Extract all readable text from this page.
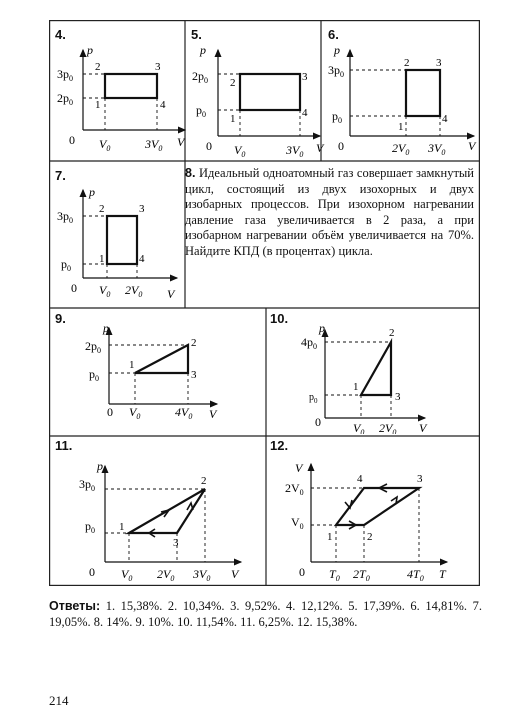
4.
p
V
0
$3p_0$
$2p_0$
$V_0$	$3V_0$
1
2	3
4
5.
p
V
0
$2p_0$
$p_0$
$V_0$	$3V_0$
1
2	3
4
6.
p
V
0
$3p_0$
$p_0$
$2V_0$ $3V_0$
1
2 3
4
7.
p
V
0
$3p_0$
$p_0$
$V_0$ $2V_0$
1
2	3
4
8. Идеальный одноатомный газ совершает замкнутый цикл, состоящий из двух изохорных и двух изобарных процессов. При изохорном нагревании давление газа увеличивается в 2 раза, а при изобарном нагревании объём увеличивается на 70%. Найдите КПД (в процентах) цикла.
9.
p
V
0
$2p_0$
$p_0$
$V_0$	$4V_0$
1
2
3
10.
p
V
0
$4p_0$
$p_0$
$V_0$ $2V_0$
1
2
3
11.
p
V
0
$3p_0$
$p_0$
$V_0$ $2V_0$ $3V_0$
1
2
3
12.
V
T
0
$2V_0$
$V_0$
$T_0$ $2T_0$	$4T_0$
1	2
3
4
Ответы: 1. 15,38%. 2. 10,34%. 3. 9,52%. 4. 12,12%. 5. 17,39%. 6. 14,81%. 7. 19,05%. 8. 14%. 9. 10%. 10. 11,54%. 11. 6,25%. 12. 15,38%.
214
